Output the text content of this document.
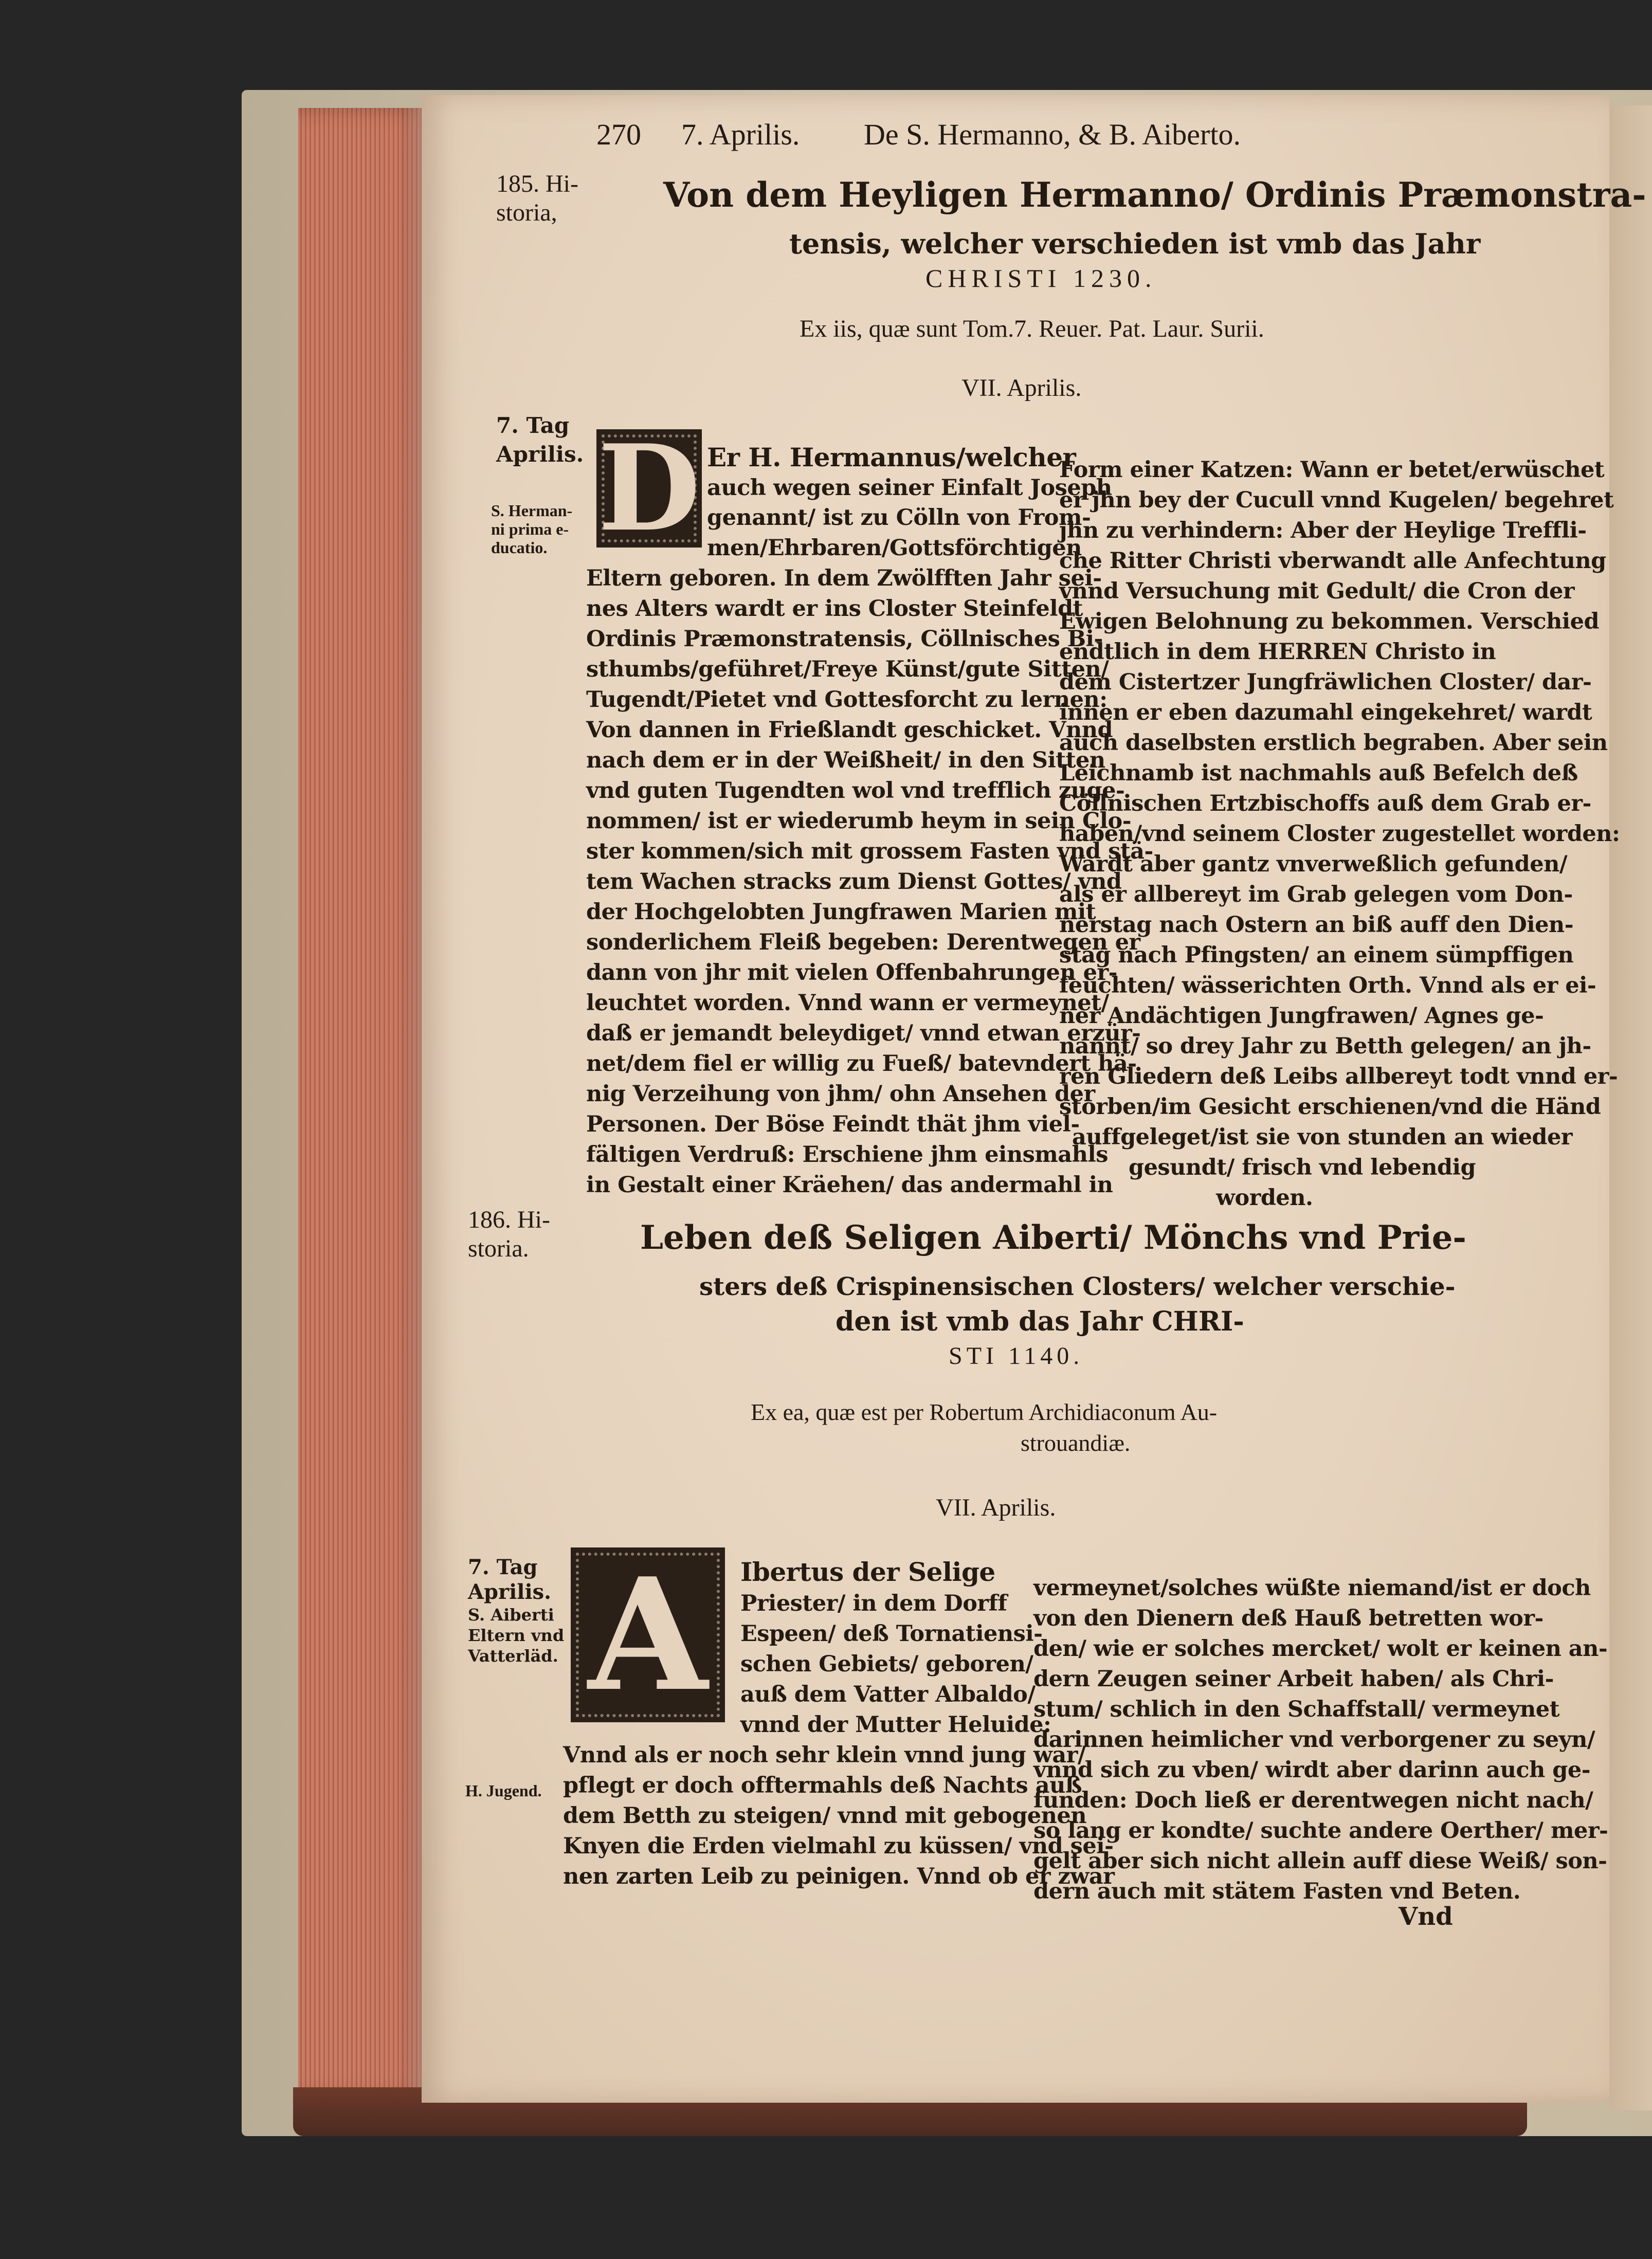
270 7. Aprilis. De S. Hermanno, & B. Aiberto.
185. Hi-
storia,	Von dem Heyligen Hermanno/ Ordinis Præmonstra-
tensis, welcher verschieden ist vmb das Jahr
CHRISTI 1230.
Ex iis, quæ sunt Tom.7. Reuer. Pat. Laur. Surii.
VII. Aprilis.
7. Tag
Aprilis.
S. Herman-
ni prima e-
ducatio. D Er H. Hermannus/welcher
auch wegen seiner Einfalt Joseph
genannt/ ist zu Cölln von From-
men/Ehrbaren/Gottsförchtigen
Eltern geboren. In dem Zwölfften Jahr sei-
nes Alters wardt er ins Closter Steinfeldt
Ordinis Præmonstratensis, Cöllnisches Bi-
sthumbs/geführet/Freye Künst/gute Sitten/
Tugendt/Pietet vnd Gottesforcht zu lernen:
Von dannen in Frießlandt geschicket. Vnnd
nach dem er in der Weißheit/ in den Sitten
vnd guten Tugendten wol vnd trefflich zuge-
nommen/ ist er wiederumb heym in sein Clo-
ster kommen/sich mit grossem Fasten vnd stä-
tem Wachen stracks zum Dienst Gottes/ vnd
der Hochgelobten Jungfrawen Marien mit
sonderlichem Fleiß begeben: Derentwegen er
dann von jhr mit vielen Offenbahrungen er-
leuchtet worden. Vnnd wann er vermeynet/
daß er jemandt beleydiget/ vnnd etwan erzür-
net/dem fiel er willig zu Fueß/ batevndert hä-
nig Verzeihung von jhm/ ohn Ansehen der
Personen. Der Böse Feindt thät jhm viel-
fältigen Verdruß: Erschiene jhm einsmahls
in Gestalt einer Kräehen/ das andermahl in
Form einer Katzen: Wann er betet/erwüschet
er jhn bey der Cucull vnnd Kugelen/ begehret
jhn zu verhindern: Aber der Heylige Treffli-
che Ritter Christi vberwandt alle Anfechtung
vnnd Versuchung mit Gedult/ die Cron der
Ewigen Belohnung zu bekommen. Verschied
endtlich in dem HERREN Christo in
dem Cistertzer Jungfräwlichen Closter/ dar-
innen er eben dazumahl eingekehret/ wardt
auch daselbsten erstlich begraben. Aber sein
Leichnamb ist nachmahls auß Befelch deß
Cöllnischen Ertzbischoffs auß dem Grab er-
haben/vnd seinem Closter zugestellet worden:
Wardt aber gantz vnverweßlich gefunden/
als er allbereyt im Grab gelegen vom Don-
nerstag nach Ostern an biß auff den Dien-
stag nach Pfingsten/ an einem sümpffigen
feuchten/ wässerichten Orth. Vnnd als er ei-
ner Andächtigen Jungfrawen/ Agnes ge-
nannt/ so drey Jahr zu Betth gelegen/ an jh-
ren Gliedern deß Leibs allbereyt todt vnnd er-
storben/im Gesicht erschienen/vnd die Händ
auffgeleget/ist sie von stunden an wieder
gesundt/ frisch vnd lebendig
worden.
186. Hi-
storia.	Leben deß Seligen Aiberti/ Mönchs vnd Prie-
sters deß Crispinensischen Closters/ welcher verschie-
den ist vmb das Jahr CHRI-
STI 1140.
Ex ea, quæ est per Robertum Archidiaconum Au-
strouandiæ.
VII. Aprilis.
7. Tag
Aprilis.
S. Aiberti
Eltern vnd
Vatterläd.
H. Jugend.
A Ibertus der Selige
Priester/ in dem Dorff
Espeen/ deß Tornatiensi-
schen Gebiets/ geboren/
auß dem Vatter Albaldo/
vnnd der Mutter Heluide:
Vnnd als er noch sehr klein vnnd jung war/
pflegt er doch offtermahls deß Nachts auß
dem Betth zu steigen/ vnnd mit gebogenen
Knyen die Erden vielmahl zu küssen/ vnd sei-
nen zarten Leib zu peinigen. Vnnd ob er zwar
vermeynet/solches wüßte niemand/ist er doch
von den Dienern deß Hauß betretten wor-
den/ wie er solches mercket/ wolt er keinen an-
dern Zeugen seiner Arbeit haben/ als Chri-
stum/ schlich in den Schaffstall/ vermeynet
darinnen heimlicher vnd verborgener zu seyn/
vnnd sich zu vben/ wirdt aber darinn auch ge-
funden: Doch ließ er derentwegen nicht nach/
so lang er kondte/ suchte andere Oerther/ mer-
gelt aber sich nicht allein auff diese Weiß/ son-
dern auch mit stätem Fasten vnd Beten.
Vnd
